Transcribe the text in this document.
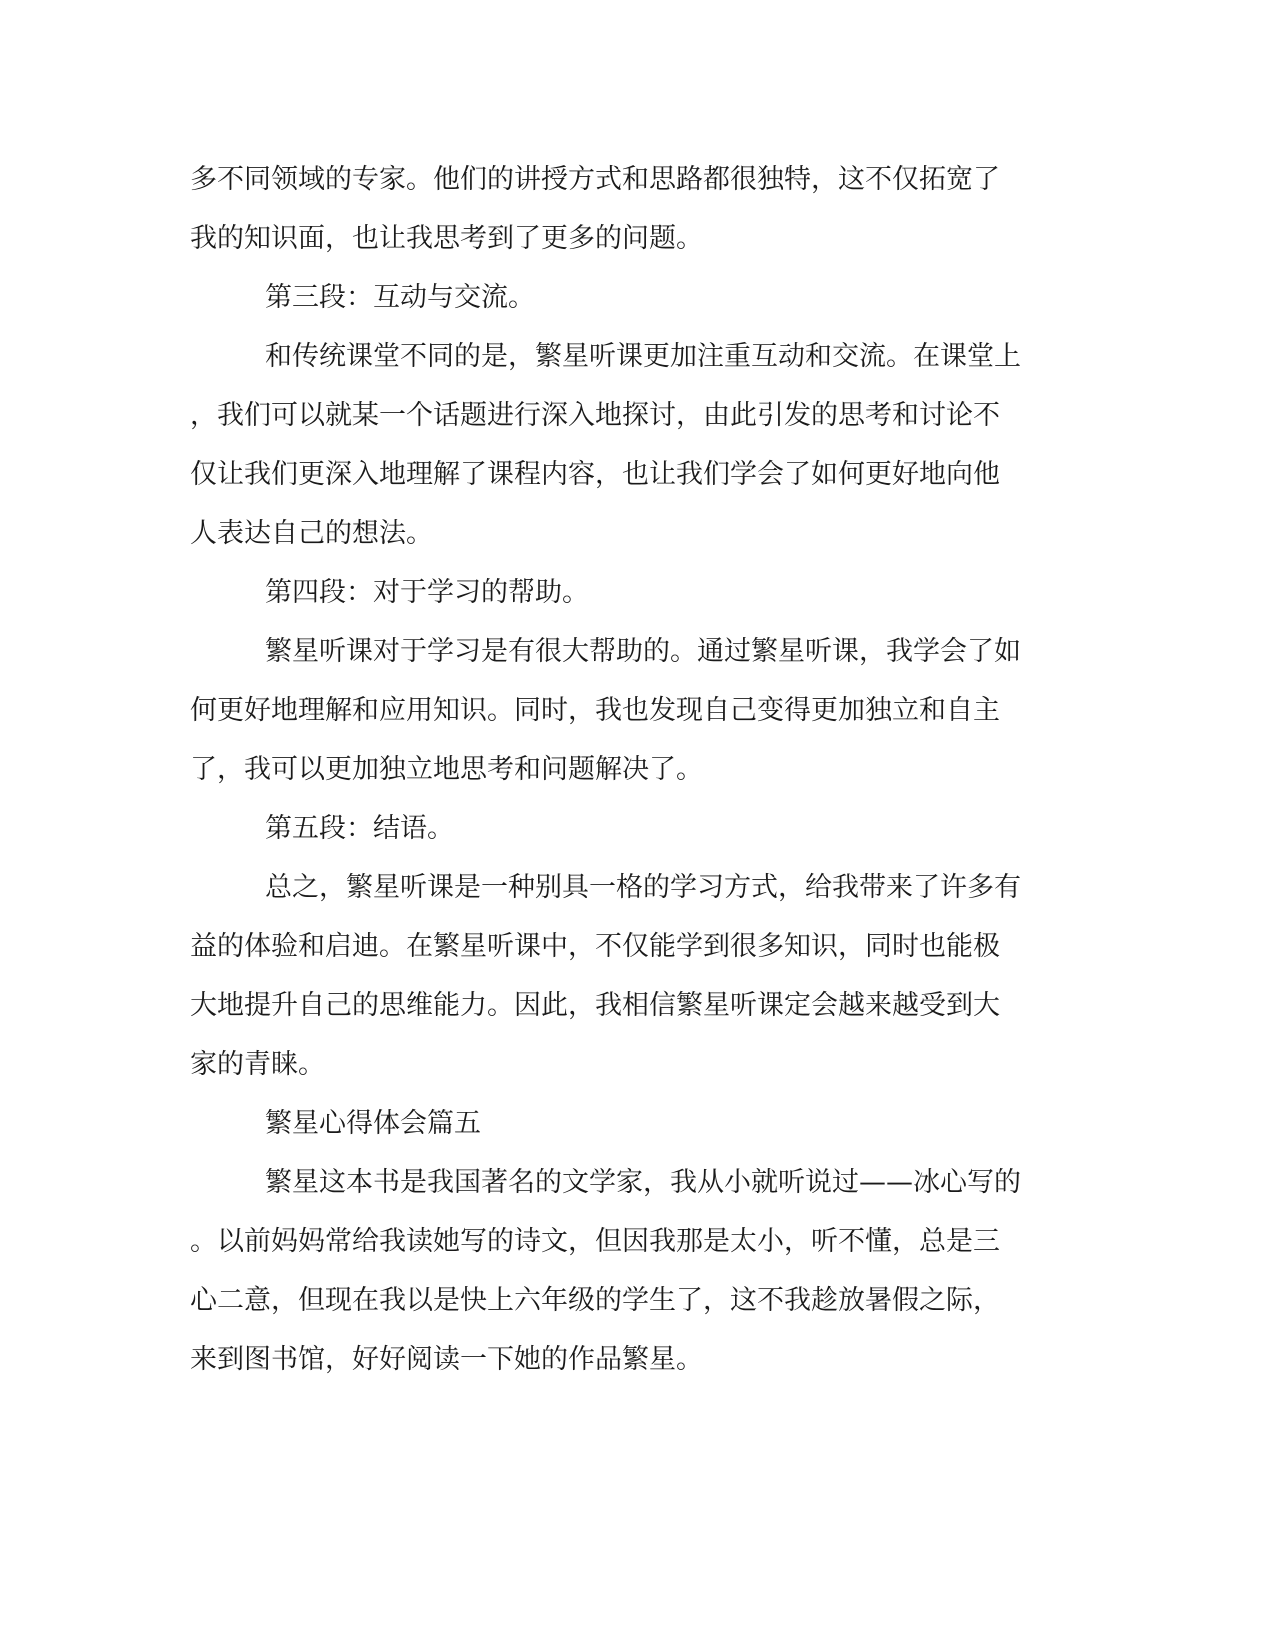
多不同领域的专家。他们的讲授方式和思路都很独特，这不仅拓宽了

我的知识面，也让我思考到了更多的问题。

第三段：互动与交流。

和传统课堂不同的是，繁星听课更加注重互动和交流。在课堂上

，我们可以就某一个话题进行深入地探讨，由此引发的思考和讨论不

仅让我们更深入地理解了课程内容，也让我们学会了如何更好地向他

人表达自己的想法。

第四段：对于学习的帮助。

繁星听课对于学习是有很大帮助的。通过繁星听课，我学会了如

何更好地理解和应用知识。同时，我也发现自己变得更加独立和自主

了，我可以更加独立地思考和问题解决了。

第五段：结语。

总之，繁星听课是一种别具一格的学习方式，给我带来了许多有

益的体验和启迪。在繁星听课中，不仅能学到很多知识，同时也能极

大地提升自己的思维能力。因此，我相信繁星听课定会越来越受到大

家的青睐。

繁星心得体会篇五

繁星这本书是我国著名的文学家，我从小就听说过——冰心写的

。以前妈妈常给我读她写的诗文，但因我那是太小，听不懂，总是三

心二意，但现在我以是快上六年级的学生了，这不我趁放暑假之际，

来到图书馆，好好阅读一下她的作品繁星。
